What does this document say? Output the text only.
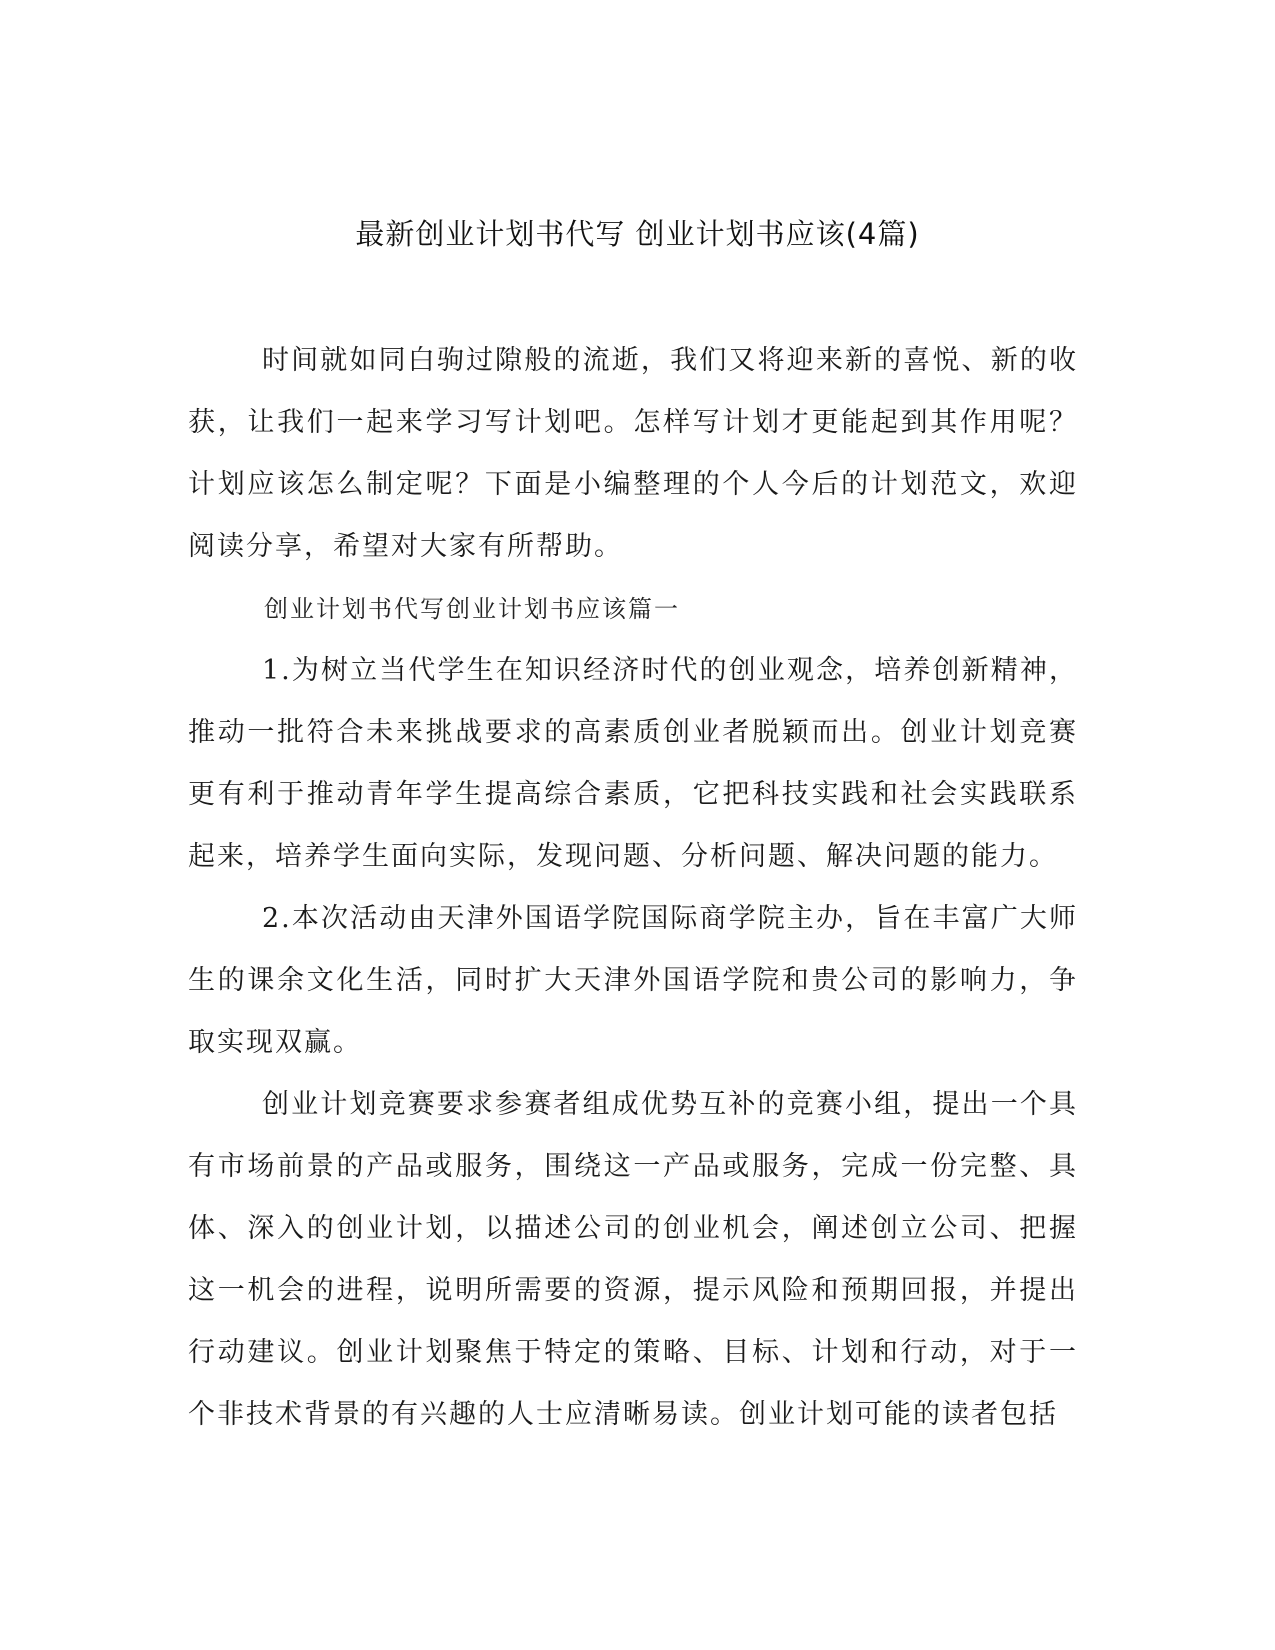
最新创业计划书代写 创业计划书应该(4篇)

时间就如同白驹过隙般的流逝，我们又将迎来新的喜悦、新的收获，让我们一起来学习写计划吧。怎样写计划才更能起到其作用呢？计划应该怎么制定呢？下面是小编整理的个人今后的计划范文，欢迎阅读分享，希望对大家有所帮助。

创业计划书代写创业计划书应该篇一

1.为树立当代学生在知识经济时代的创业观念，培养创新精神，推动一批符合未来挑战要求的高素质创业者脱颖而出。创业计划竞赛更有利于推动青年学生提高综合素质，它把科技实践和社会实践联系起来，培养学生面向实际，发现问题、分析问题、解决问题的能力。

2.本次活动由天津外国语学院国际商学院主办，旨在丰富广大师生的课余文化生活，同时扩大天津外国语学院和贵公司的影响力，争取实现双赢。

创业计划竞赛要求参赛者组成优势互补的竞赛小组，提出一个具有市场前景的产品或服务，围绕这一产品或服务，完成一份完整、具体、深入的创业计划，以描述公司的创业机会，阐述创立公司、把握这一机会的进程，说明所需要的资源，提示风险和预期回报，并提出行动建议。创业计划聚焦于特定的策略、目标、计划和行动，对于一个非技术背景的有兴趣的人士应清晰易读。创业计划可能的读者包括
